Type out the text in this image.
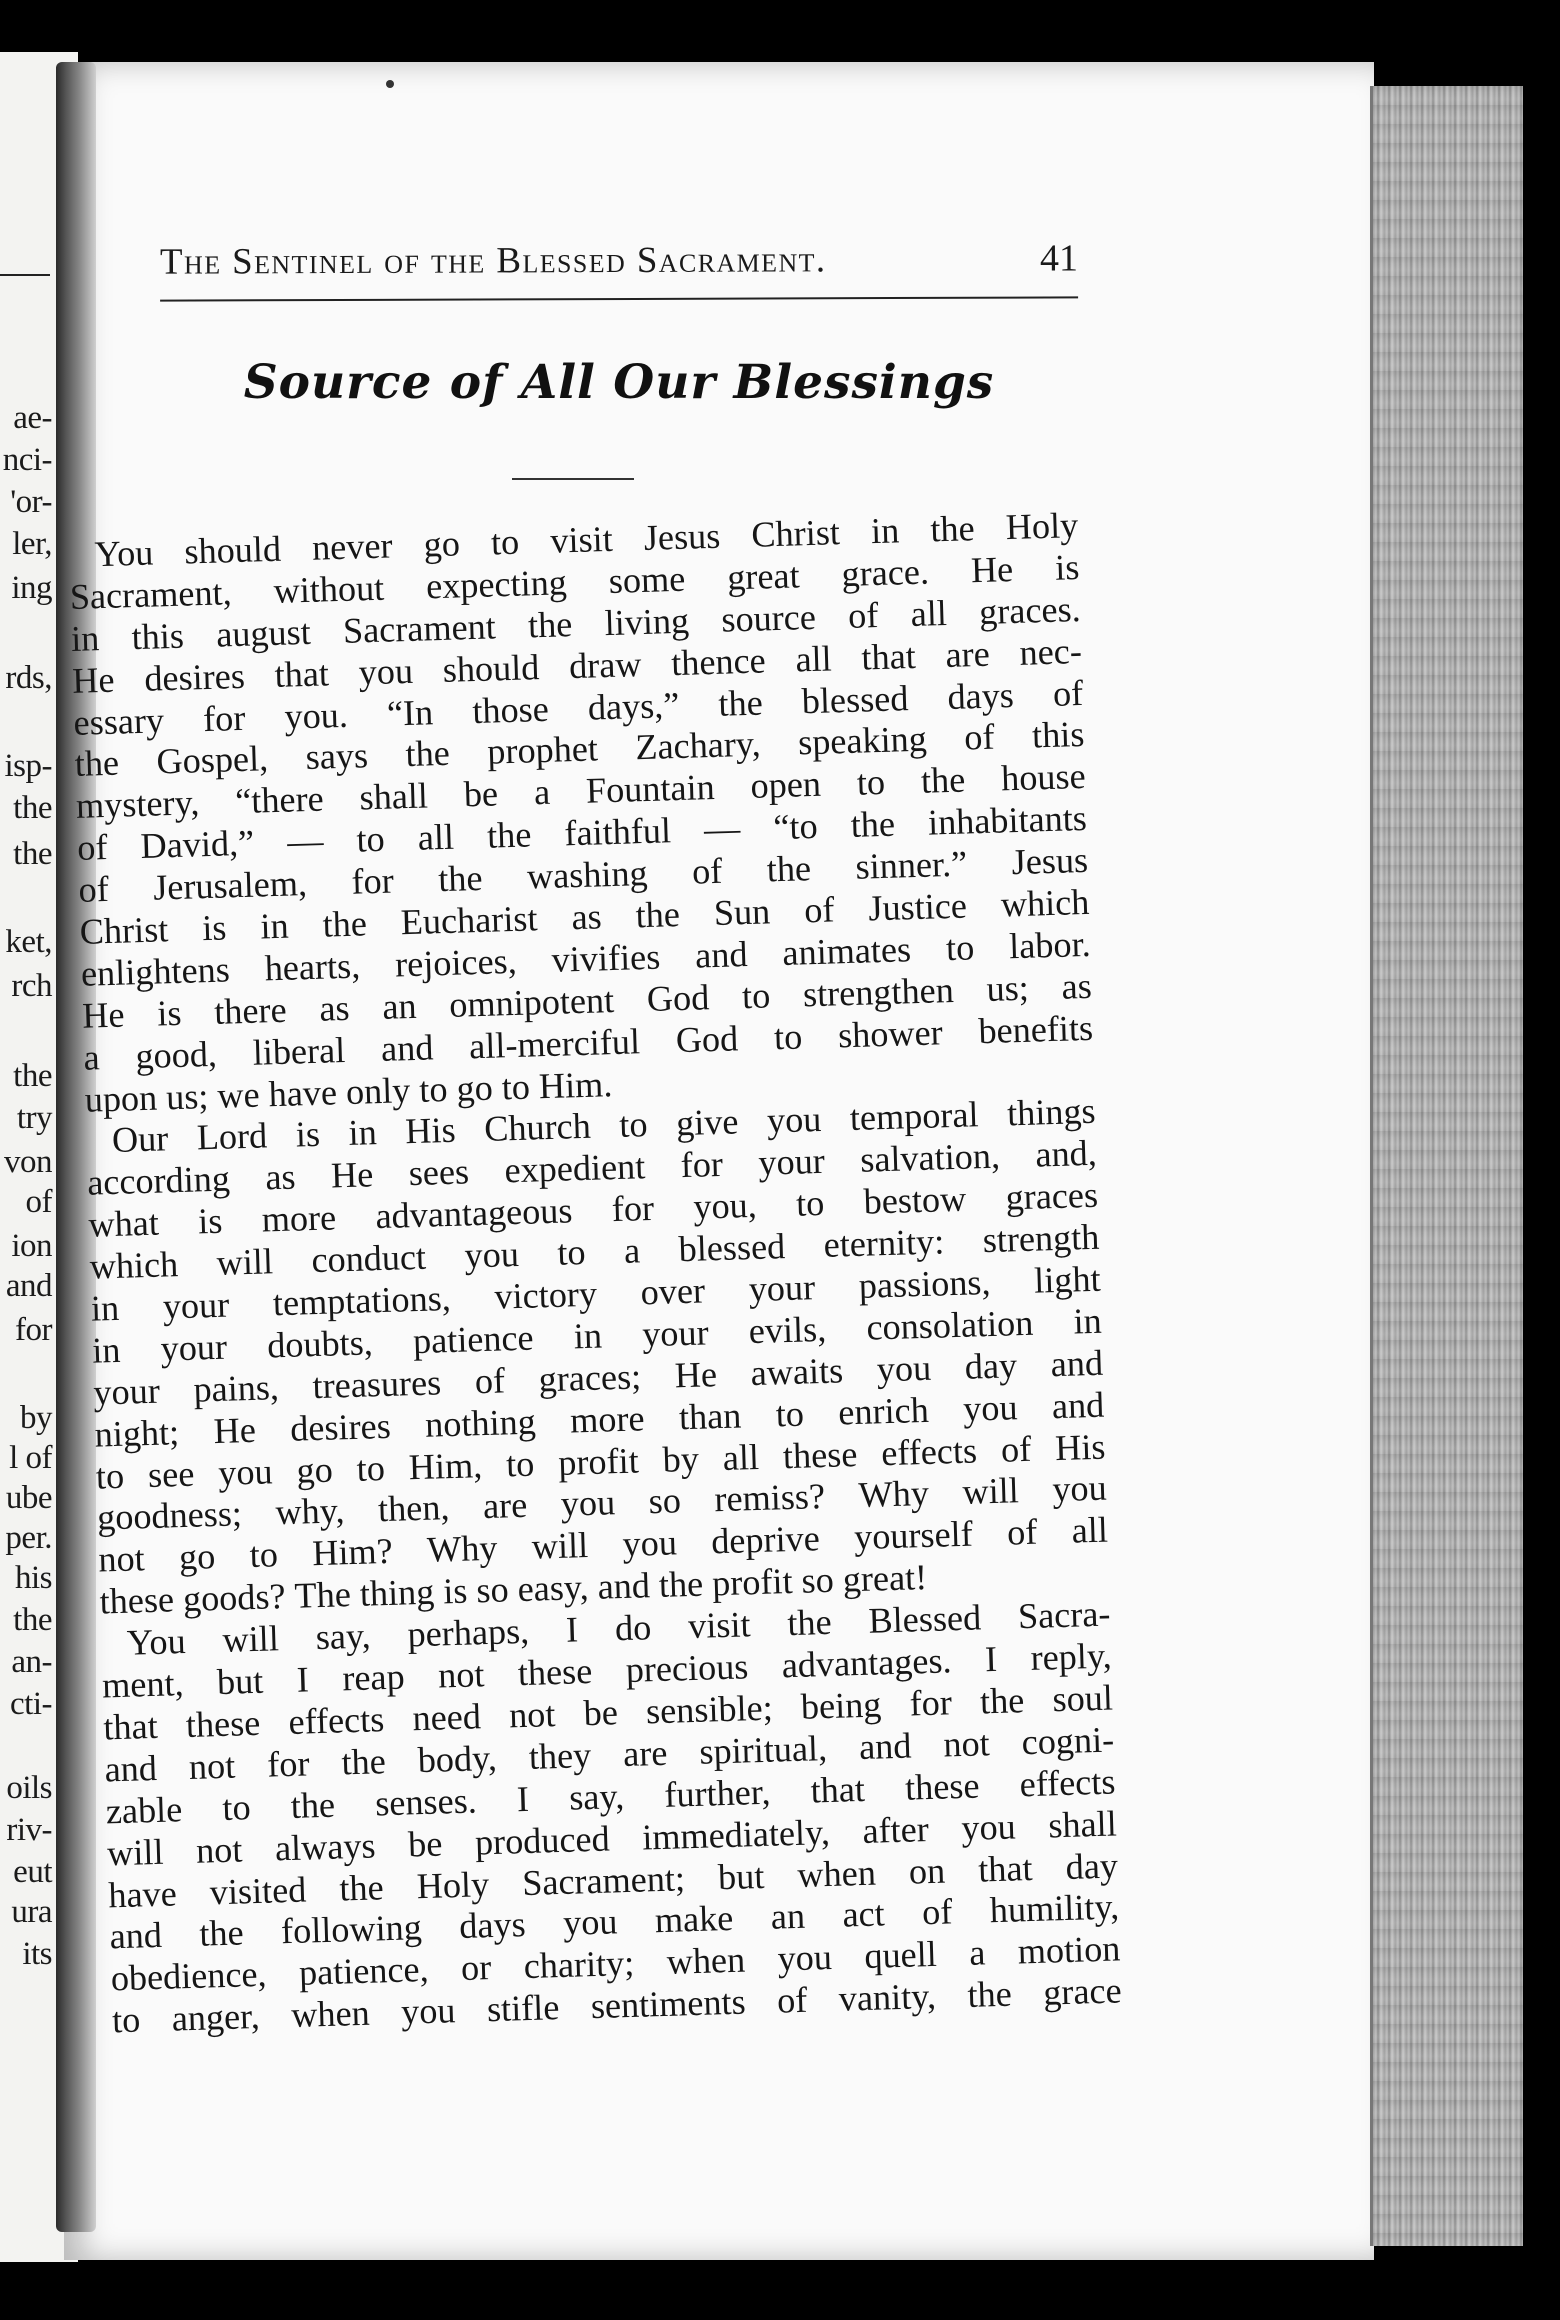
ae-
nci-
'or-
ler,
ing
rds,
isp-
the
the
ket,
rch
the
try
von
of
ion
and
for
by
l of
ube
per.
his
the
an-
cti-
oils
riv-
eut
ura
its
The Sentinel of the Blessed Sacrament.	41
Source of All Our Blessings
You should never go to visit Jesus Christ in the Holy
Sacrament, without expecting some great grace. He is
in this august Sacrament the living source of all graces.
He desires that you should draw thence all that are nec-
essary for you. “In those days,” the blessed days of
the Gospel, says the prophet Zachary, speaking of this
mystery, “there shall be a Fountain open to the house
of David,” — to all the faithful — “to the inhabitants
of Jerusalem, for the washing of the sinner.” Jesus
Christ is in the Eucharist as the Sun of Justice which
enlightens hearts, rejoices, vivifies and animates to labor.
He is there as an omnipotent God to strengthen us; as
a good, liberal and all-merciful God to shower benefits
upon
us;
we
have
only
to
go
to
Him.
Our Lord is in His Church to give you temporal things
according as He sees expedient for your salvation, and,
what is more advantageous for you, to bestow graces
which will conduct you to a blessed eternity: strength
in your temptations, victory over your passions, light
in your doubts, patience in your evils, consolation in
your pains, treasures of graces; He awaits you day and
night; He desires nothing more than to enrich you and
to see you go to Him, to profit by all these effects of His
goodness; why, then, are you so remiss? Why will you
not go to Him? Why will you deprive yourself of all
these
goods?
The
thing
is
so
easy,
and
the
profit
so
great!
You will say, perhaps, I do visit the Blessed Sacra-
ment, but I reap not these precious advantages. I reply,
that these effects need not be sensible; being for the soul
and not for the body, they are spiritual, and not cogni-
zable to the senses. I say, further, that these effects
will not always be produced immediately, after you shall
have visited the Holy Sacrament; but when on that day
and the following days you make an act of humility,
obedience, patience, or charity; when you quell a motion
to anger, when you stifle sentiments of vanity, the grace
